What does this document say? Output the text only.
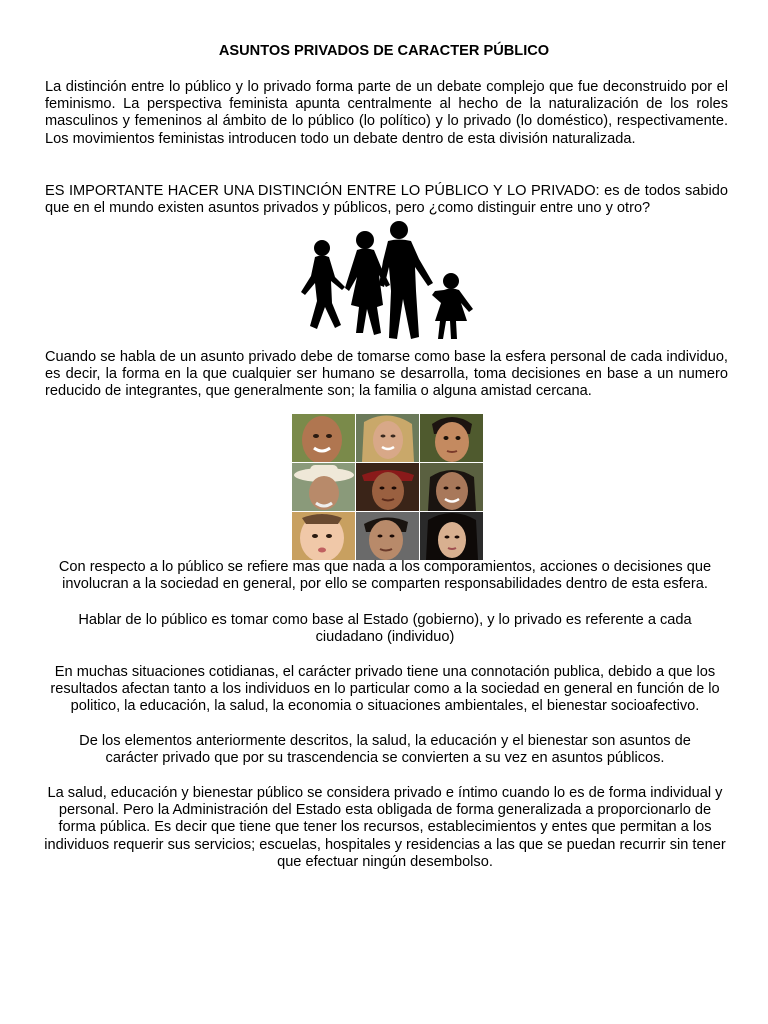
ASUNTOS PRIVADOS DE CARACTER PÚBLICO

La distinción entre lo público y lo privado forma parte de un debate complejo que fue deconstruido por el feminismo. La perspectiva feminista apunta centralmente al hecho de la naturalización de los roles masculinos y femeninos al ámbito de lo público (lo político) y lo privado (lo doméstico), respectivamente. Los movimientos feministas introducen todo un debate dentro de esta división naturalizada.

ES IMPORTANTE HACER UNA DISTINCIÓN ENTRE LO PÚBLICO Y LO PRIVADO: es de todos sabido que en el mundo existen asuntos privados y públicos, pero ¿como distinguir entre uno y otro?

Cuando se habla de un asunto privado debe de tomarse como base la esfera personal de cada individuo, es decir, la forma en la que cualquier ser humano se desarrolla, toma decisiones en base a un numero reducido de integrantes, que generalmente son; la familia o alguna amistad cercana.

Con respecto a lo público se refiere mas que nada a los comporamientos, acciones o decisiones que involucran a la sociedad en general, por ello se comparten responsabilidades dentro de esta esfera.

Hablar de lo público es tomar como base al Estado (gobierno), y lo privado es referente a cada ciudadano (individuo)

En muchas situaciones cotidianas, el carácter privado tiene una connotación publica, debido a que los resultados afectan tanto a los individuos en lo particular como a la sociedad en general en función de lo politico, la educación, la salud, la economia o situaciones ambientales, el bienestar socioafectivo.

De los elementos anteriormente descritos, la salud, la educación y el bienestar son asuntos de carácter privado que por su trascendencia se convierten a su vez en asuntos públicos.

La salud, educación y bienestar público se considera privado e íntimo cuando lo es de forma individual y personal. Pero la Administración del Estado esta obligada de forma generalizada a proporcionarlo de forma pública. Es decir que tiene que tener los recursos, establecimientos y entes que permitan a los individuos requerir sus servicios; escuelas, hospitales y residencias a las que se puedan recurrir sin tener que efectuar ningún desembolso.
